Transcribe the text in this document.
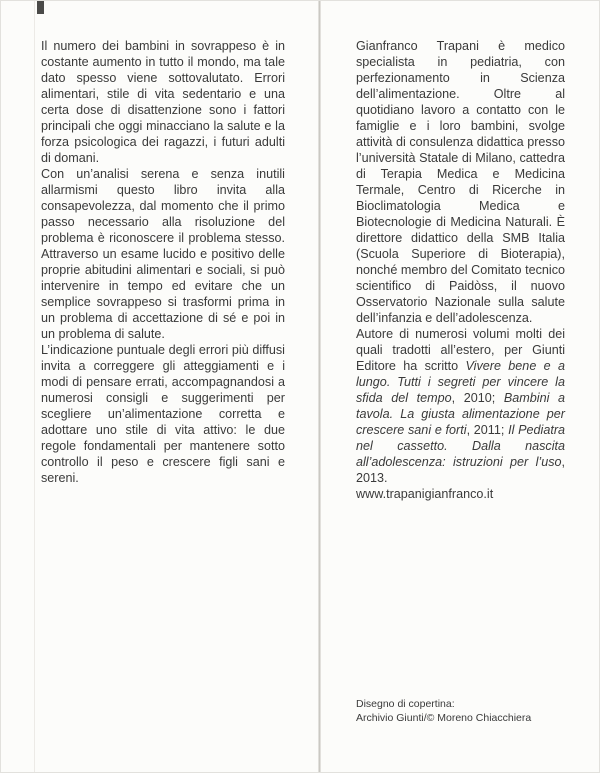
Il numero dei bambini in sovrappeso è in costante aumento in tutto il mondo, ma tale dato spesso viene sottovalutato. Errori alimentari, stile di vita sedentario e una certa dose di disattenzione sono i fattori principali che oggi minacciano la salute e la forza psicologica dei ragazzi, i futuri adulti di domani.

Con un’analisi serena e senza inutili allarmismi questo libro invita alla consapevolezza, dal momento che il primo passo necessario alla risoluzione del problema è riconoscere il problema stesso. Attraverso un esame lucido e positivo delle proprie abitudini alimentari e sociali, si può intervenire in tempo ed evitare che un semplice sovrappeso si trasformi prima in un problema di accettazione di sé e poi in un problema di salute.

L’indicazione puntuale degli errori più diffusi invita a correggere gli atteggiamenti e i modi di pensare errati, accompagnandosi a numerosi consigli e suggerimenti per scegliere un’alimentazione corretta e adottare uno stile di vita attivo: le due regole fondamentali per mantenere sotto controllo il peso e crescere figli sani e sereni.

Gianfranco Trapani è medico specialista in pediatria, con perfezionamento in Scienza dell’alimentazione. Oltre al quotidiano lavoro a contatto con le famiglie e i loro bambini, svolge attività di consulenza didattica presso l’università Statale di Milano, cattedra di Terapia Medica e Medicina Termale, Centro di Ricerche in Bioclimatologia Medica e Biotecnologie di Medicina Naturali. È direttore didattico della SMB Italia (Scuola Superiore di Bioterapia), nonché membro del Comitato tecnico scientifico di Paidòss, il nuovo Osservatorio Nazionale sulla salute dell’infanzia e dell’adolescenza.

Autore di numerosi volumi molti dei quali tradotti all’estero, per Giunti Editore ha scritto Vivere bene e a lungo. Tutti i segreti per vincere la sfida del tempo, 2010; Bambini a tavola. La giusta alimentazione per crescere sani e forti, 2011; Il Pediatra nel cassetto. Dalla nascita all’adolescenza: istruzioni per l’uso, 2013.

www.trapanigianfranco.it

Disegno di copertina:
Archivio Giunti/© Moreno Chiacchiera
